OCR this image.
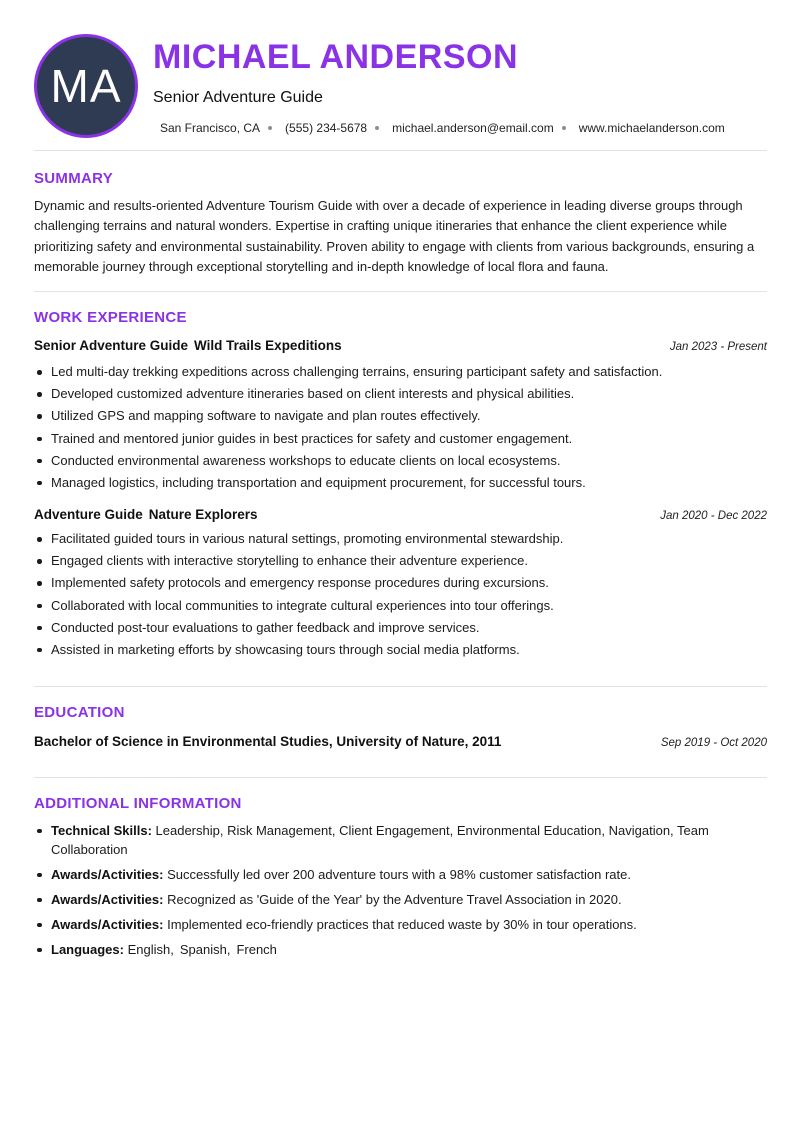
MA
MICHAEL ANDERSON
Senior Adventure Guide
San Francisco, CA (555) 234-5678 michael.anderson@email.com www.michaelanderson.com
SUMMARY
Dynamic and results-oriented Adventure Tourism Guide with over a decade of experience in leading diverse groups through challenging terrains and natural wonders. Expertise in crafting unique itineraries that enhance the client experience while prioritizing safety and environmental sustainability. Proven ability to engage with clients from various backgrounds, ensuring a memorable journey through exceptional storytelling and in-depth knowledge of local flora and fauna.
WORK EXPERIENCE
Senior Adventure Guide Wild Trails Expeditions	Jan 2023 - Present
Led multi-day trekking expeditions across challenging terrains, ensuring participant safety and satisfaction.
Developed customized adventure itineraries based on client interests and physical abilities.
Utilized GPS and mapping software to navigate and plan routes effectively.
Trained and mentored junior guides in best practices for safety and customer engagement.
Conducted environmental awareness workshops to educate clients on local ecosystems.
Managed logistics, including transportation and equipment procurement, for successful tours.
Adventure Guide Nature Explorers	Jan 2020 - Dec 2022
Facilitated guided tours in various natural settings, promoting environmental stewardship.
Engaged clients with interactive storytelling to enhance their adventure experience.
Implemented safety protocols and emergency response procedures during excursions.
Collaborated with local communities to integrate cultural experiences into tour offerings.
Conducted post-tour evaluations to gather feedback and improve services.
Assisted in marketing efforts by showcasing tours through social media platforms.
EDUCATION
Bachelor of Science in Environmental Studies, University of Nature, 2011	Sep 2019 - Oct 2020
ADDITIONAL INFORMATION
Technical Skills: Leadership, Risk Management, Client Engagement, Environmental Education, Navigation, Team Collaboration
Awards/Activities: Successfully led over 200 adventure tours with a 98% customer satisfaction rate.
Awards/Activities: Recognized as 'Guide of the Year' by the Adventure Travel Association in 2020.
Awards/Activities: Implemented eco-friendly practices that reduced waste by 30% in tour operations.
Languages: English, Spanish, French
